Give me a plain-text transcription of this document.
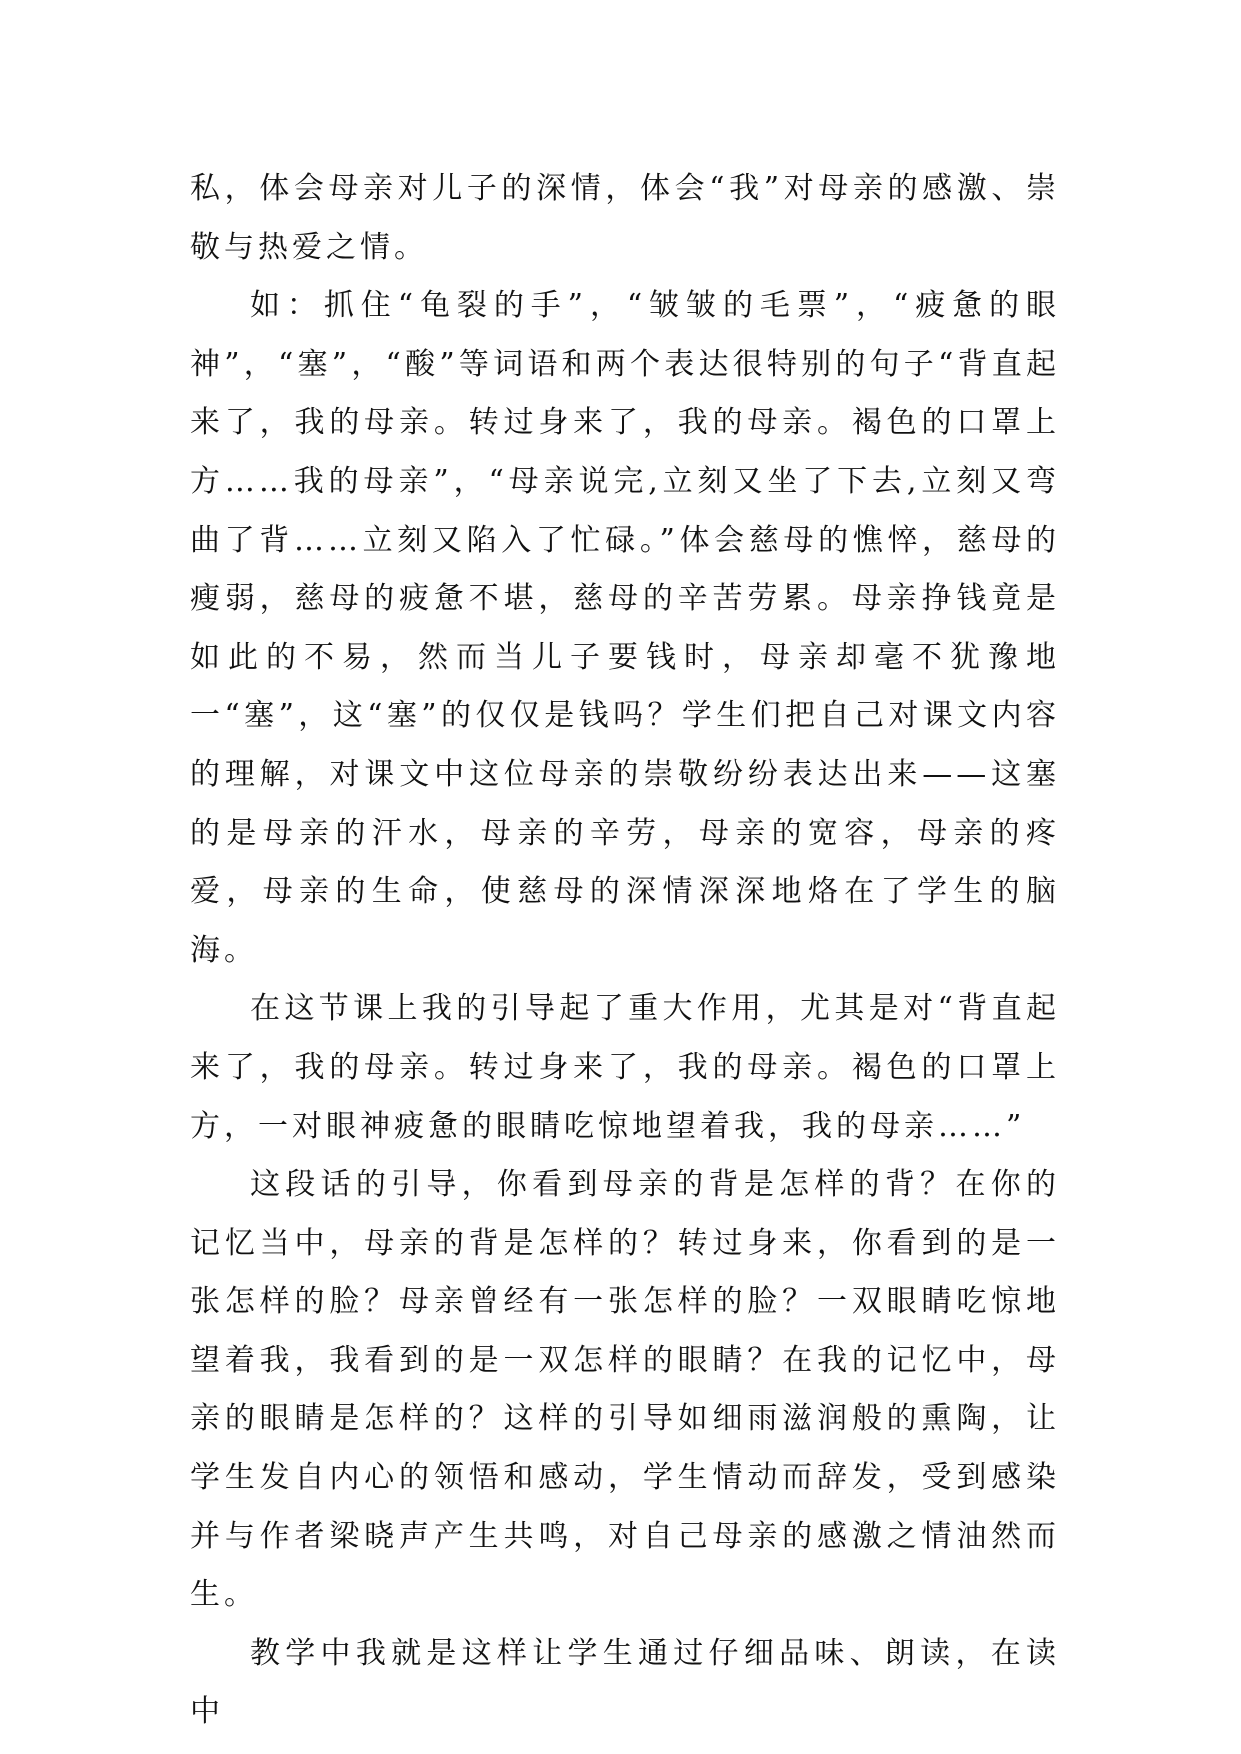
私，体会母亲对儿子的深情，体会“我”对母亲的感激、崇敬与热爱之情。

如：抓住“龟裂的手”，“皱皱的毛票”，“疲惫的眼神”，“塞”，“酸”等词语和两个表达很特别的句子“背直起来了，我的母亲。转过身来了，我的母亲。褐色的口罩上方……我的母亲”，“母亲说完,立刻又坐了下去,立刻又弯曲了背……立刻又陷入了忙碌。”体会慈母的憔悴，慈母的瘦弱，慈母的疲惫不堪，慈母的辛苦劳累。母亲挣钱竟是如此的不易，然而当儿子要钱时，母亲却毫不犹豫地一“塞”，这“塞”的仅仅是钱吗？学生们把自己对课文内容的理解，对课文中这位母亲的崇敬纷纷表达出来——这塞的是母亲的汗水，母亲的辛劳，母亲的宽容，母亲的疼爱，母亲的生命，使慈母的深情深深地烙在了学生的脑海。

在这节课上我的引导起了重大作用，尤其是对“背直起来了，我的母亲。转过身来了，我的母亲。褐色的口罩上方，一对眼神疲惫的眼睛吃惊地望着我，我的母亲……”

这段话的引导，你看到母亲的背是怎样的背？在你的记忆当中，母亲的背是怎样的？转过身来，你看到的是一张怎样的脸？母亲曾经有一张怎样的脸？一双眼睛吃惊地望着我，我看到的是一双怎样的眼睛？在我的记忆中，母亲的眼睛是怎样的？这样的引导如细雨滋润般的熏陶，让学生发自内心的领悟和感动，学生情动而辞发，受到感染并与作者梁晓声产生共鸣，对自己母亲的感激之情油然而生。

教学中我就是这样让学生通过仔细品味、朗读，在读中
